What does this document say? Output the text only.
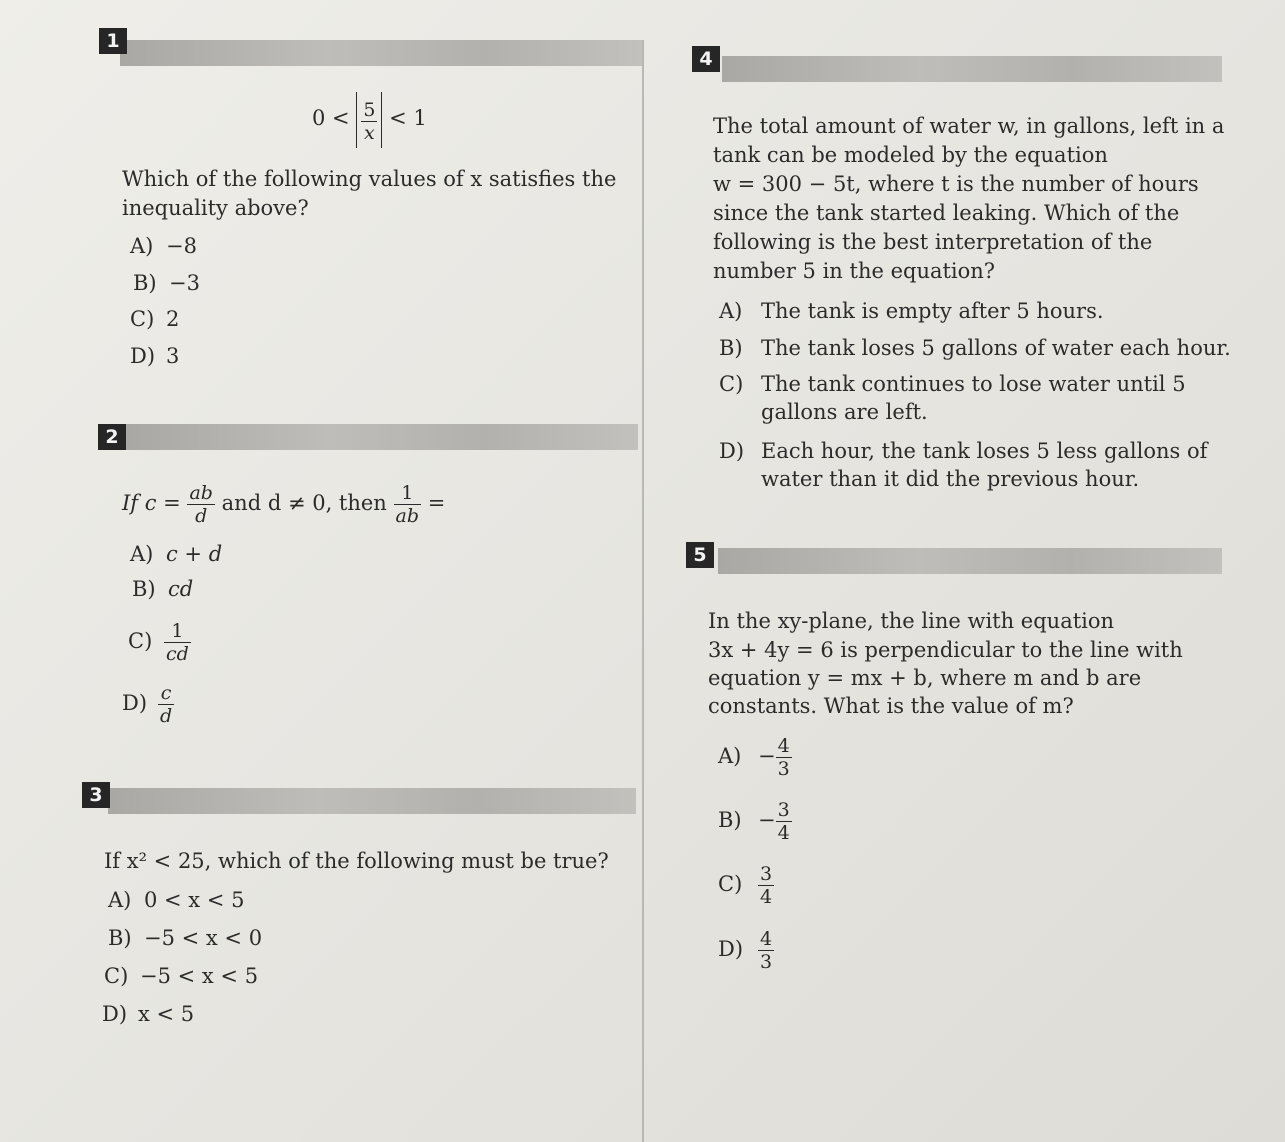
1
$0 < \frac{5}{x} < 1$
Which of the following values of x satisfies the
inequality above?
A) −8
B) −3
C) 2
D) 3
2
If $c = \frac{ab}{d}$ and d ≠ 0, then $\frac{1}{ab}$ =
A) c + d
B) cd
$C) \frac{1}{cd}$
$D) \frac{c}{d}$
3
If x² < 25, which of the following must be true?
A) 0 < x < 5
B) −5 < x < 0
C) −5 < x < 5
D) x < 5
4
The total amount of water w, in gallons, left in a
tank can be modeled by the equation
w = 300 − 5t, where t is the number of hours
since the tank started leaking. Which of the
following is the best interpretation of the
number 5 in the equation?
A) The tank is empty after 5 hours.
B) The tank loses 5 gallons of water each hour.
C) The tank continues to lose water until 5
gallons are left.
D) Each hour, the tank loses 5 less gallons of
water than it did the previous hour.
5
In the xy-plane, the line with equation
3x + 4y = 6 is perpendicular to the line with
equation y = mx + b, where m and b are
constants. What is the value of m?
$A) - \frac{4}{3}$
$B) - \frac{3}{4}$
$C) \frac{3}{4}$
$D) \frac{4}{3}$
